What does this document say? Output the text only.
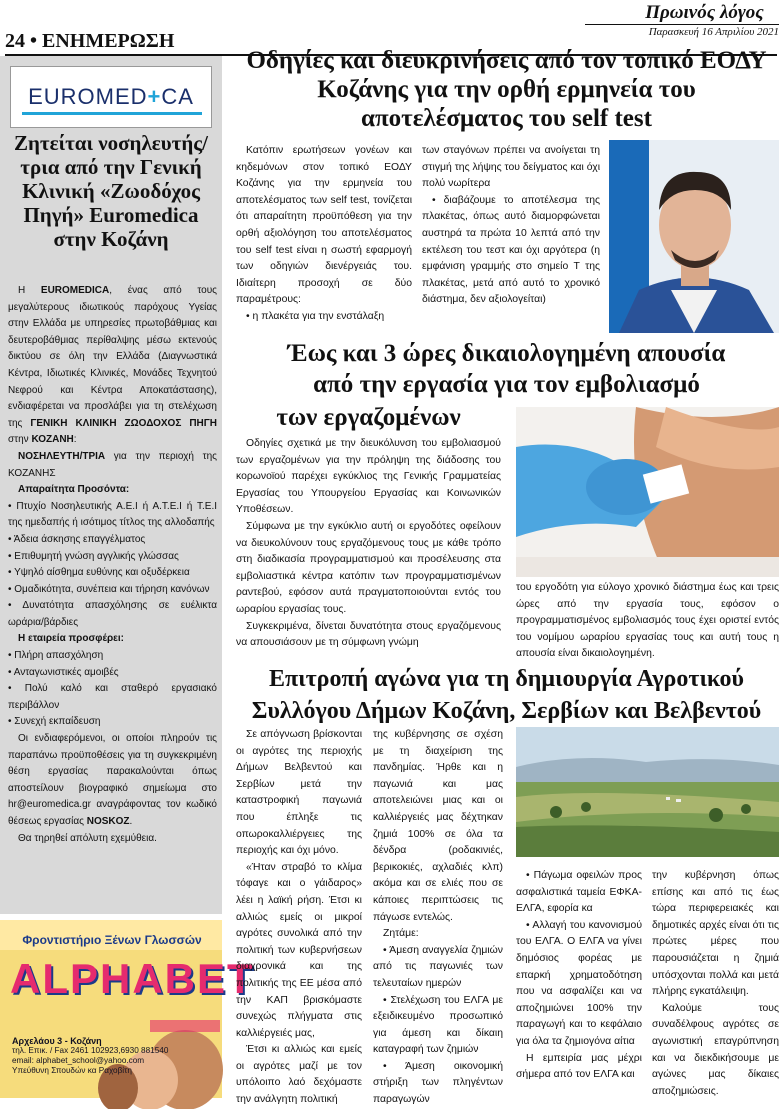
Πρωινός λόγος
Παρασκευή 16 Απριλίου 2021
24 • ΕΝΗΜΕΡΩΣΗ
EUROMED+CA
Ζητείται νοσηλευτής/τρια από την Γενική Κλινική «Ζωοδόχος Πηγή» Euromedica στην Κοζάνη

Η EUROMEDICA, ένας από τους μεγαλύτερους ιδιωτικούς παρόχους Υγείας στην Ελλάδα με υπηρεσίες πρωτοβάθμιας και δευτεροβάθμιας περίθαλψης μέσω εκτενούς δικτύου σε όλη την Ελλάδα (Διαγνωστικά Κέντρα, Ιδιωτικές Κλινικές, Μονάδες Τεχνητού Νεφρού και Κέντρα Αποκατάστασης), ενδιαφέρεται να προσλάβει για τη στελέχωση της ΓΕΝΙΚΗ ΚΛΙΝΙΚΗ ΖΩΟΔΟΧΟΣ ΠΗΓΗ στην ΚΟΖΑΝΗ:

ΝΟΣΗΛΕΥΤΗ/ΤΡΙΑ για την περιοχή της ΚΟΖΑΝΗΣ

Απαραίτητα Προσόντα:

• Πτυχίο Νοσηλευτικής Α.Ε.Ι ή Α.Τ.Ε.Ι ή Τ.Ε.Ι της ημεδαπής ή ισότιμος τίτλος της αλλοδαπής

• Άδεια άσκησης επαγγέλματος

• Επιθυμητή γνώση αγγλικής γλώσσας

• Υψηλό αίσθημα ευθύνης και οξυδέρκεια

• Ομαδικότητα, συνέπεια και τήρηση κανόνων

• Δυνατότητα απασχόλησης σε ευέλικτα ωράρια/βάρδιες

Η εταιρεία προσφέρει:

• Πλήρη απασχόληση

• Ανταγωνιστικές αμοιβές

• Πολύ καλό και σταθερό εργασιακό περιβάλλον

• Συνεχή εκπαίδευση

Οι ενδιαφερόμενοι, οι οποίοι πληρούν τις παραπάνω προϋποθέσεις για τη συγκεκριμένη θέση εργασίας παρακαλούνται όπως αποστείλουν βιογραφικό σημείωμα στο hr@euromedica.gr αναγράφοντας τον κωδικό θέσεως εργασίας NOSKOZ.

Θα τηρηθεί απόλυτη εχεμύθεια.

Φροντιστήριο Ξένων Γλωσσών
ALPHABET
Αρχελάου 3 - Κοζάνη
τηλ. Επικ. / Fax 2461 102923,6930 881540
email: alphabet_school@yahoo.com
Υπεύθυνη Σπουδών κα Ραχοβίτη
Οδηγίες και διευκρινήσεις από τον τοπικό ΕΟΔΥ Κοζάνης για την ορθή ερμηνεία του αποτελέσματος του self test

Κατόπιν ερωτήσεων γονέων και κηδεμόνων στον τοπικό ΕΟΔΥ Κοζάνης για την ερμηνεία του αποτελέσματος των self test, τονίζεται ότι απαραίτητη προϋπόθεση για την ορθή αξιολόγηση του αποτελέσματος του self test είναι η σωστή εφαρμογή των οδηγιών διενέργειάς του. Ιδιαίτερη προσοχή σε δύο παραμέτρους:

• η πλακέτα για την ενστάλαξη

των σταγόνων πρέπει να ανοίγεται τη στιγμή της λήψης του δείγματος και όχι πολύ νωρίτερα

• διαβάζουμε το αποτέλεσμα της πλακέτας, όπως αυτό διαμορφώνεται αυστηρά τα πρώτα 10 λεπτά από την εκτέλεση του τεστ και όχι αργότερα (η εμφάνιση γραμμής στο σημείο Τ της πλακέτας, μετά από αυτό το χρονικό διάστημα, δεν αξιολογείται)

Έως και 3 ώρες δικαιολογημένη απουσία
από την εργασία για τον εμβολιασμό
των εργαζομένων

Οδηγίες σχετικά με την διευκόλυνση του εμβολιασμού των εργαζομένων για την πρόληψη της διάδοσης του κορωνοϊού παρέχει εγκύκλιος της Γενικής Γραμματείας Εργασίας του Υπουργείου Εργασίας και Κοινωνικών Υποθέσεων.

Σύμφωνα με την εγκύκλιο αυτή οι εργοδότες οφείλουν να διευκολύνουν τους εργαζόμενους τους με κάθε τρόπο στη διαδικασία προγραμματισμού και προσέλευσης στα εμβολιαστικά κέντρα κατόπιν των προγραμματισμένων ραντεβού, εφόσον αυτά πραγματοποιούνται εντός του ωραρίου εργασίας τους.

Συγκεκριμένα, δίνεται δυνατότητα στους εργαζόμενους να απουσιάσουν με τη σύμφωνη γνώμη

του εργοδότη για εύλογο χρονικό διάστημα έως και τρεις ώρες από την εργασία τους, εφόσον ο προγραμματισμένος εμβολιασμός τους έχει οριστεί εντός του νομίμου ωραρίου εργασίας τους και αυτή τους η απουσία είναι δικαιολογημένη.

Επιτροπή αγώνα για τη δημιουργία Αγροτικού
Συλλόγου Δήμων Κοζάνη, Σερβίων και Βελβεντού

Σε απόγνωση βρίσκονται οι αγρότες της περιοχής Δήμων Βελβεντού και Σερβίων μετά την καταστροφική παγωνιά που έπληξε τις οπωροκαλλιέργειες της περιοχής και όχι μόνο.

«Ήταν στραβό το κλίμα τόφαγε και ο γάιδαρος» λέει η λαϊκή ρήση. Έτσι κι αλλιώς εμείς οι μικροί αγρότες συνολικά από την πολιτική των κυβερνήσεων διαχρονικά και της πολιτικής της ΕΕ μέσα από την ΚΑΠ βρισκόμαστε συνεχώς πλήγματα στις καλλιέργειές μας,

Έτσι κι αλλιώς και εμείς οι αγρότες μαζί με τον υπόλοιπο λαό δεχόμαστε την ανάλγητη πολιτική

της κυβέρνησης σε σχέση με τη διαχείριση της πανδημίας. Ήρθε και η παγωνιά και μας αποτελειώνει μιας και οι καλλιέργειές μας δέχτηκαν ζημιά 100% σε όλα τα δένδρα (ροδακινιές, βερικοκιές, αχλαδιές κλπ) ακόμα και σε ελιές που σε κάποιες περιπτώσεις τις πάγωσε εντελώς.

Ζητάμε:

• Άμεση αναγγελία ζημιών από τις παγωνιές των τελευταίων ημερών

• Στελέχωση του ΕΛΓΑ με εξειδικευμένο προσωπικό για άμεση και δίκαιη καταγραφή των ζημιών

• Άμεση οικονομική στήριξη των πληγέντων παραγωγών

• Πάγωμα οφειλών προς ασφαλιστικά ταμεία ΕΦΚΑ-ΕΛΓΑ, εφορία κα

• Αλλαγή του κανονισμού του ΕΛΓΑ. Ο ΕΛΓΑ να γίνει δημόσιος φορέας με επαρκή χρηματοδότηση που να ασφαλίζει και να αποζημιώνει 100% την παραγωγή και το κεφάλαιο για όλα τα ζημιογόνα αίτια

Η εμπειρία μας μέχρι σήμερα από τον ΕΛΓΑ και

την κυβέρνηση όπως επίσης και από τις έως τώρα περιφερειακές και δημοτικές αρχές είναι ότι τις πρώτες μέρες που παρουσιάζεται η ζημιά υπόσχονται πολλά και μετά πλήρης εγκατάλειψη.

Καλούμε τους συναδέλφους αγρότες σε αγωνιστική επαγρύπνηση και να διεκδικήσουμε με αγώνες μας δίκαιες αποζημιώσεις.
